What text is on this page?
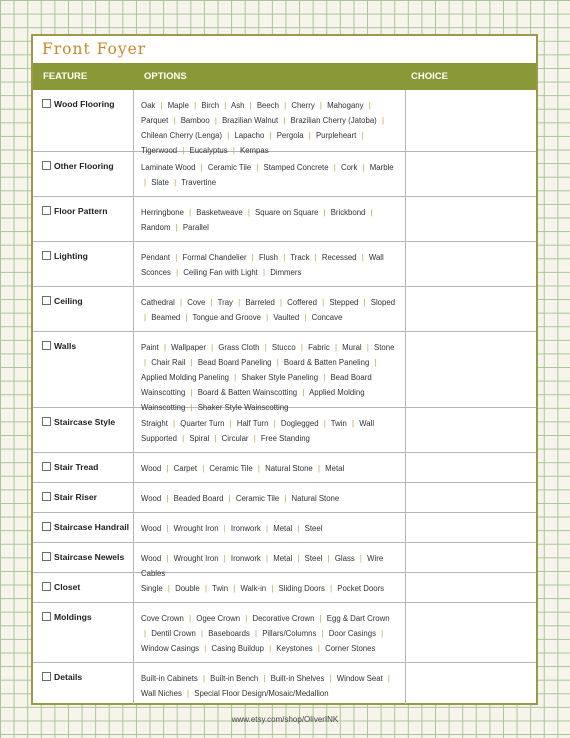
Front Foyer
FEATURE	OPTIONS	CHOICE
Wood Flooring	Oak | Maple | Birch | Ash | Beech | Cherry | Mahogany | Parquet | Bamboo | Brazilian Walnut | Brazilian Cherry (Jatoba) | Chilean Cherry (Lenga) | Lapacho | Pergola | Purpleheart | Tigerwood | Eucalyptus | Kempas
Other Flooring	Laminate Wood | Ceramic Tile | Stamped Concrete | Cork | Marble | Slate | Travertine
Floor Pattern	Herringbone | Basketweave | Square on Square | Brickbond | Random | Parallel
Lighting	Pendant | Formal Chandelier | Flush | Track | Recessed | Wall Sconces | Ceiling Fan with Light | Dimmers
Ceiling	Cathedral | Cove | Tray | Barreled | Coffered | Stepped | Sloped | Beamed | Tongue and Groove | Vaulted | Concave
Walls	Paint | Wallpaper | Grass Cloth | Stucco | Fabric | Mural | Stone | Chair Rail | Bead Board Paneling | Board & Batten Paneling | Applied Molding Paneling | Shaker Style Paneling | Bead Board Wainscotting | Board & Batten Wainscotting | Applied Molding Wainscotting | Shaker Style Wainscotting
Staircase Style	Straight | Quarter Turn | Half Turn | Doglegged | Twin | Wall Supported | Spiral | Circular | Free Standing
Stair Tread	Wood | Carpet | Ceramic Tile | Natural Stone | Metal
Stair Riser	Wood | Beaded Board | Ceramic Tile | Natural Stone
Staircase Handrail	Wood | Wrought Iron | Ironwork | Metal | Steel
Staircase Newels	Wood | Wrought Iron | Ironwork | Metal | Steel | Glass | Wire Cables
Closet	Single | Double | Twin | Walk-in | Sliding Doors | Pocket Doors
Moldings	Cove Crown | Ogee Crown | Decorative Crown | Egg & Dart Crown | Dentil Crown | Baseboards | Pillars/Columns | Door Casings | Window Casings | Casing Buildup | Keystones | Corner Stones
Details	Built-in Cabinets | Built-in Bench | Built-in Shelves | Window Seat | Wall Niches | Special Floor Design/Mosaic/Medallion
www.etsy.com/shop/OliverINK
